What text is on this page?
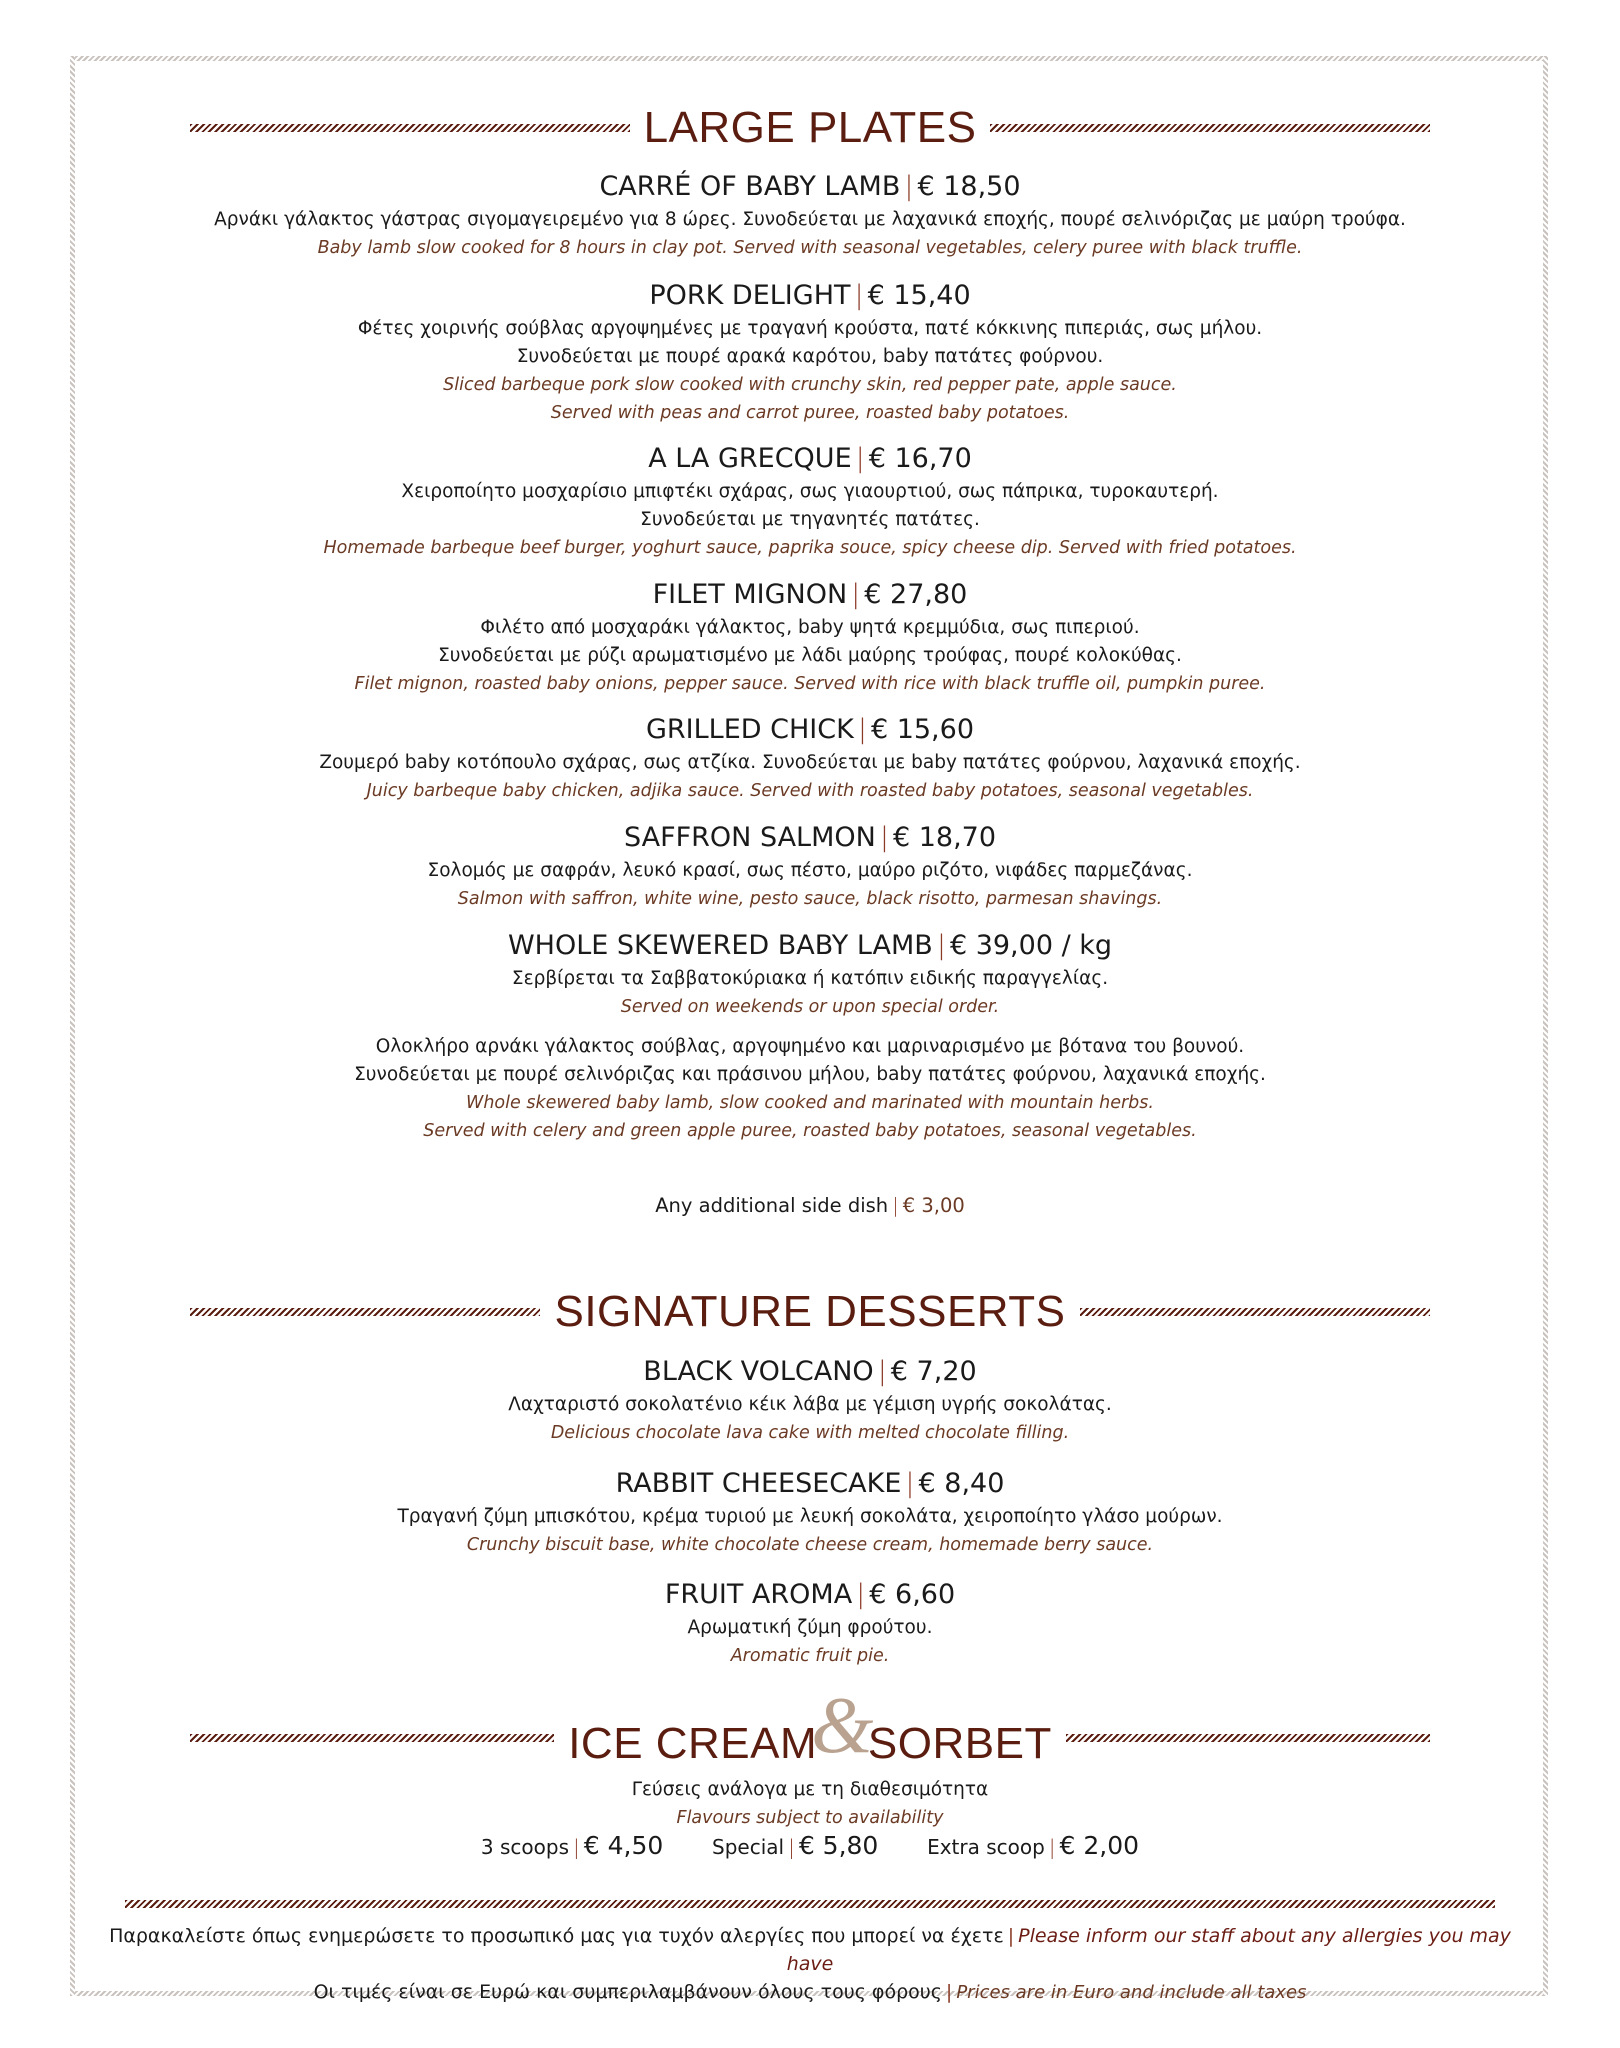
LARGE PLATES
CARRÉ OF BABY LAMB | € 18,50
Αρνάκι γάλακτος γάστρας σιγομαγειρεμένο για 8 ώρες. Συνοδεύεται με λαχανικά εποχής, πουρέ σελινόριζας με μαύρη τρούφα.
Baby lamb slow cooked for 8 hours in clay pot. Served with seasonal vegetables, celery puree with black truffle.
PORK DELIGHT | € 15,40
Φέτες χοιρινής σούβλας αργοψημένες με τραγανή κρούστα, πατέ κόκκινης πιπεριάς, σως μήλου.
Συνοδεύεται με πουρέ αρακά καρότου, baby πατάτες φούρνου.
Sliced barbeque pork slow cooked with crunchy skin, red pepper pate, apple sauce.
Served with peas and carrot puree, roasted baby potatoes.
A LA GRECQUE | € 16,70
Χειροποίητο μοσχαρίσιο μπιφτέκι σχάρας, σως γιαουρτιού, σως πάπρικα, τυροκαυτερή.
Συνοδεύεται με τηγανητές πατάτες.
Homemade barbeque beef burger, yoghurt sauce, paprika souce, spicy cheese dip. Served with fried potatoes.
FILET MIGNON | € 27,80
Φιλέτο από μοσχαράκι γάλακτος, baby ψητά κρεμμύδια, σως πιπεριού.
Συνοδεύεται με ρύζι αρωματισμένο με λάδι μαύρης τρούφας, πουρέ κολοκύθας.
Filet mignon, roasted baby onions, pepper sauce. Served with rice with black truffle oil, pumpkin puree.
GRILLED CHICK | € 15,60
Ζουμερό baby κοτόπουλο σχάρας, σως ατζίκα. Συνοδεύεται με baby πατάτες φούρνου, λαχανικά εποχής.
Juicy barbeque baby chicken, adjika sauce. Served with roasted baby potatoes, seasonal vegetables.
SAFFRON SALMON | € 18,70
Σολομός με σαφράν, λευκό κρασί, σως πέστο, μαύρο ριζότο, νιφάδες παρμεζάνας.
Salmon with saffron, white wine, pesto sauce, black risotto, parmesan shavings.
WHOLE SKEWERED BABY LAMB | € 39,00 / kg
Σερβίρεται τα Σαββατοκύριακα ή κατόπιν ειδικής παραγγελίας.
Served on weekends or upon special order.
Ολοκλήρο αρνάκι γάλακτος σούβλας, αργοψημένο και μαριναρισμένο με βότανα του βουνού.
Συνοδεύεται με πουρέ σελινόριζας και πράσινου μήλου, baby πατάτες φούρνου, λαχανικά εποχής.
Whole skewered baby lamb, slow cooked and marinated with mountain herbs.
Served with celery and green apple puree, roasted baby potatoes, seasonal vegetables.
Any additional side dish | € 3,00
SIGNATURE DESSERTS
BLACK VOLCANO | € 7,20
Λαχταριστό σοκολατένιο κέικ λάβα με γέμιση υγρής σοκολάτας.
Delicious chocolate lava cake with melted chocolate filling.
RABBIT CHEESECAKE | € 8,40
Τραγανή ζύμη μπισκότου, κρέμα τυριού με λευκή σοκολάτα, χειροποίητο γλάσο μούρων.
Crunchy biscuit base, white chocolate cheese cream, homemade berry sauce.
FRUIT AROMA | € 6,60
Αρωματική ζύμη φρούτου.
Aromatic fruit pie.
ICE CREAM&SORBET
Γεύσεις ανάλογα με τη διαθεσιμότητα
Flavours subject to availability
3 scoops | € 4,50 Special | € 5,80 Extra scoop | € 2,00
Παρακαλείστε όπως ενημερώσετε το προσωπικό μας για τυχόν αλεργίες που μπορεί να έχετε | Please inform our staff about any allergies you may have
Οι τιμές είναι σε Ευρώ και συμπεριλαμβάνουν όλους τους φόρους | Prices are in Euro and include all taxes
